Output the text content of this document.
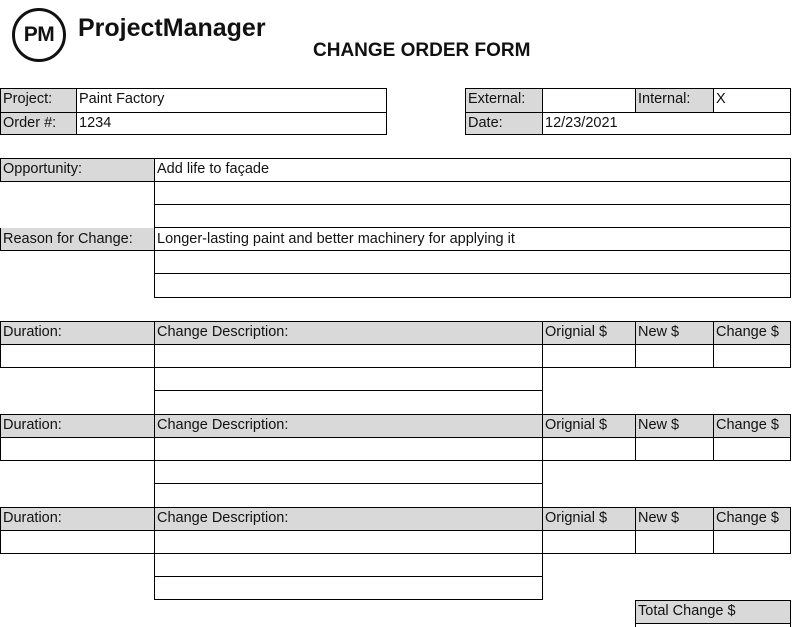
PM ProjectManager
CHANGE ORDER FORM
Project:	Paint Factory
Order #:	1234
External:	Internal:	X
Date:	12/23/2021
Opportunity:	Add life to façade
Reason for Change:	Longer-lasting paint and better machinery for applying it
Duration:	Change Description:	Orignial $	New $	Change $
Duration:	Change Description:	Orignial $	New $	Change $
Duration:	Change Description:	Orignial $	New $	Change $
Total Change $
